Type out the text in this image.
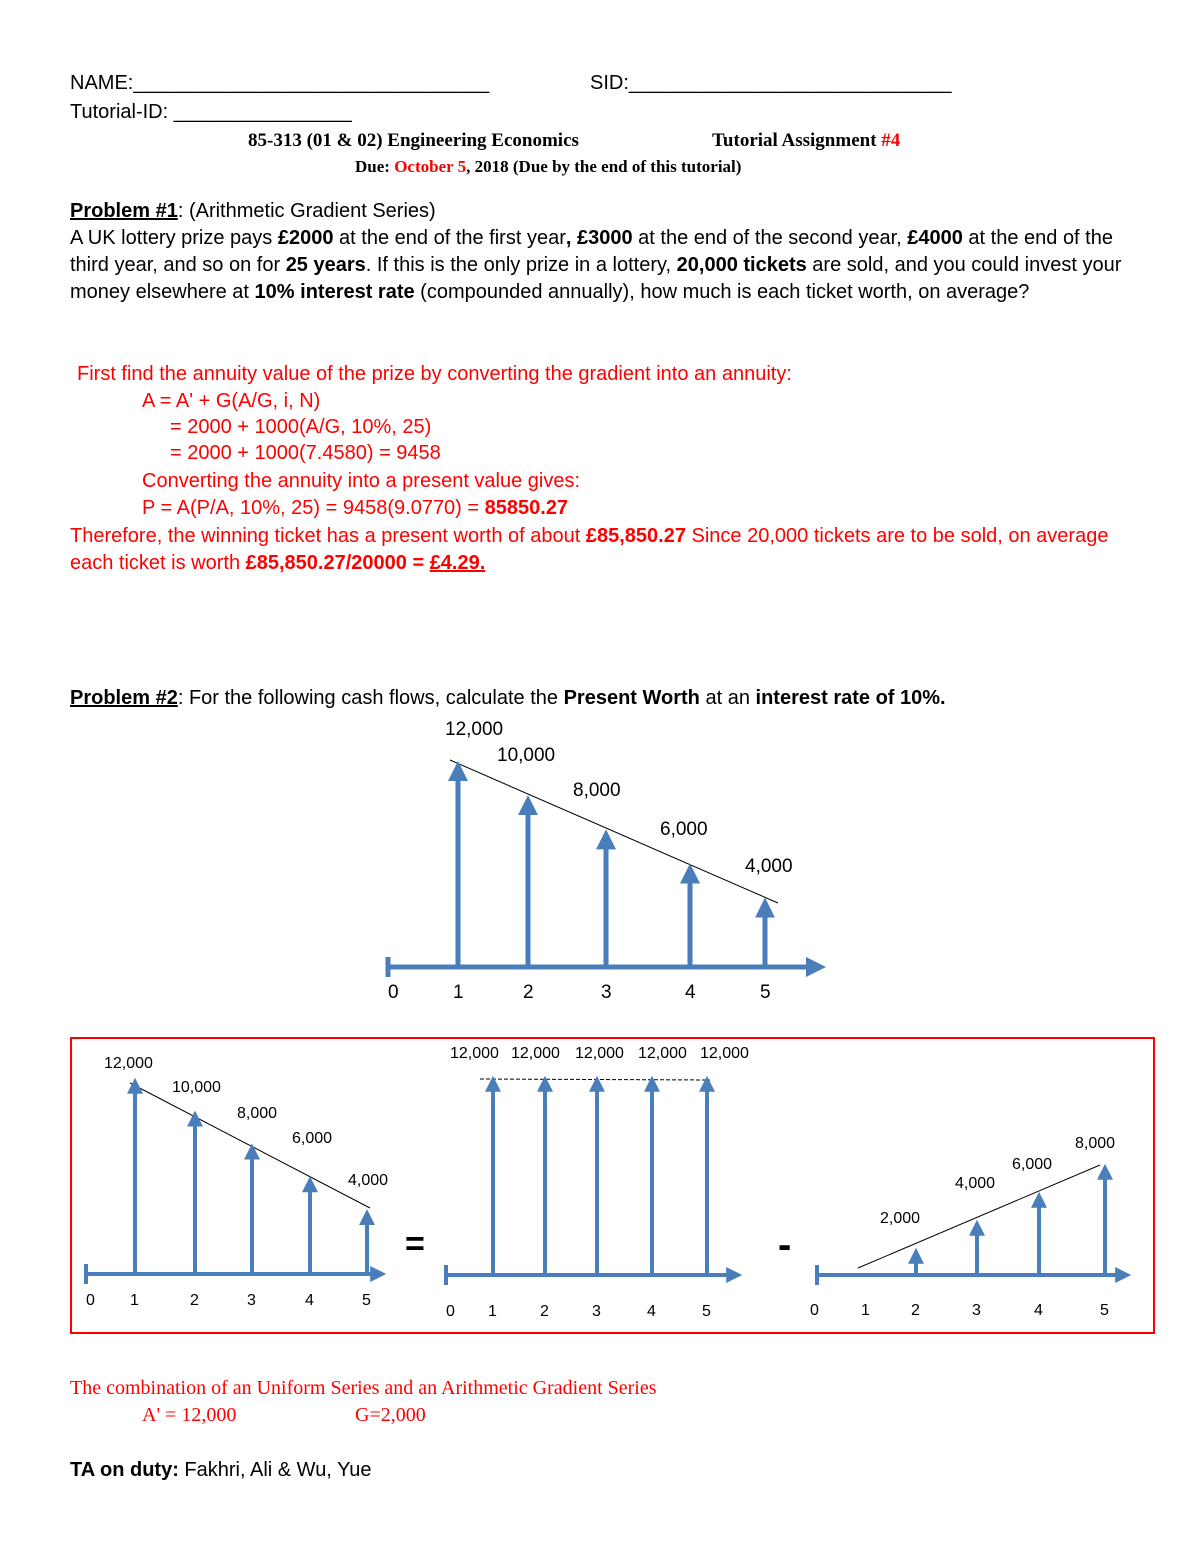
NAME:________________________________	SID:_____________________________
Tutorial-ID: ________________
85-313 (01 & 02) Engineering Economics	Tutorial Assignment #4
Due: October 5, 2018 (Due by the end of this tutorial)
Problem #1: (Arithmetic Gradient Series)
A UK lottery prize pays £2000 at the end of the first year, £3000 at the end of the second year, £4000 at the end of the third year, and so on for 25 years. If this is the only prize in a lottery, 20,000 tickets are sold, and you could invest your money elsewhere at 10% interest rate (compounded annually), how much is each ticket worth, on average?
First find the annuity value of the prize by converting the gradient into an annuity:
A = A' + G(A/G, i, N)
= 2000 + 1000(A/G, 10%, 25)
= 2000 + 1000(7.4580) = 9458
Converting the annuity into a present value gives:
P = A(P/A, 10%, 25) = 9458(9.0770) = 85850.27
Therefore, the winning ticket has a present worth of about £85,850.27 Since 20,000 tickets are to be sold, on average each ticket is worth £85,850.27/20000 = £4.29.
Problem #2: For the following cash flows, calculate the Present Worth at an interest rate of 10%.
12,000
10,000
8,000
6,000
4,000
0	1	2	3	4	5
12,000
10,000
8,000
6,000
4,000
0 1	2	3	4	5
12,000 12,000 12,000 12,000 12,000
0 1	2	3	4	5
2,000
4,000
6,000
8,000
0	1	2	3	4	5
=	-
The combination of an Uniform Series and an Arithmetic Gradient Series
A' = 12,000	G=2,000
TA on duty: Fakhri, Ali & Wu, Yue
